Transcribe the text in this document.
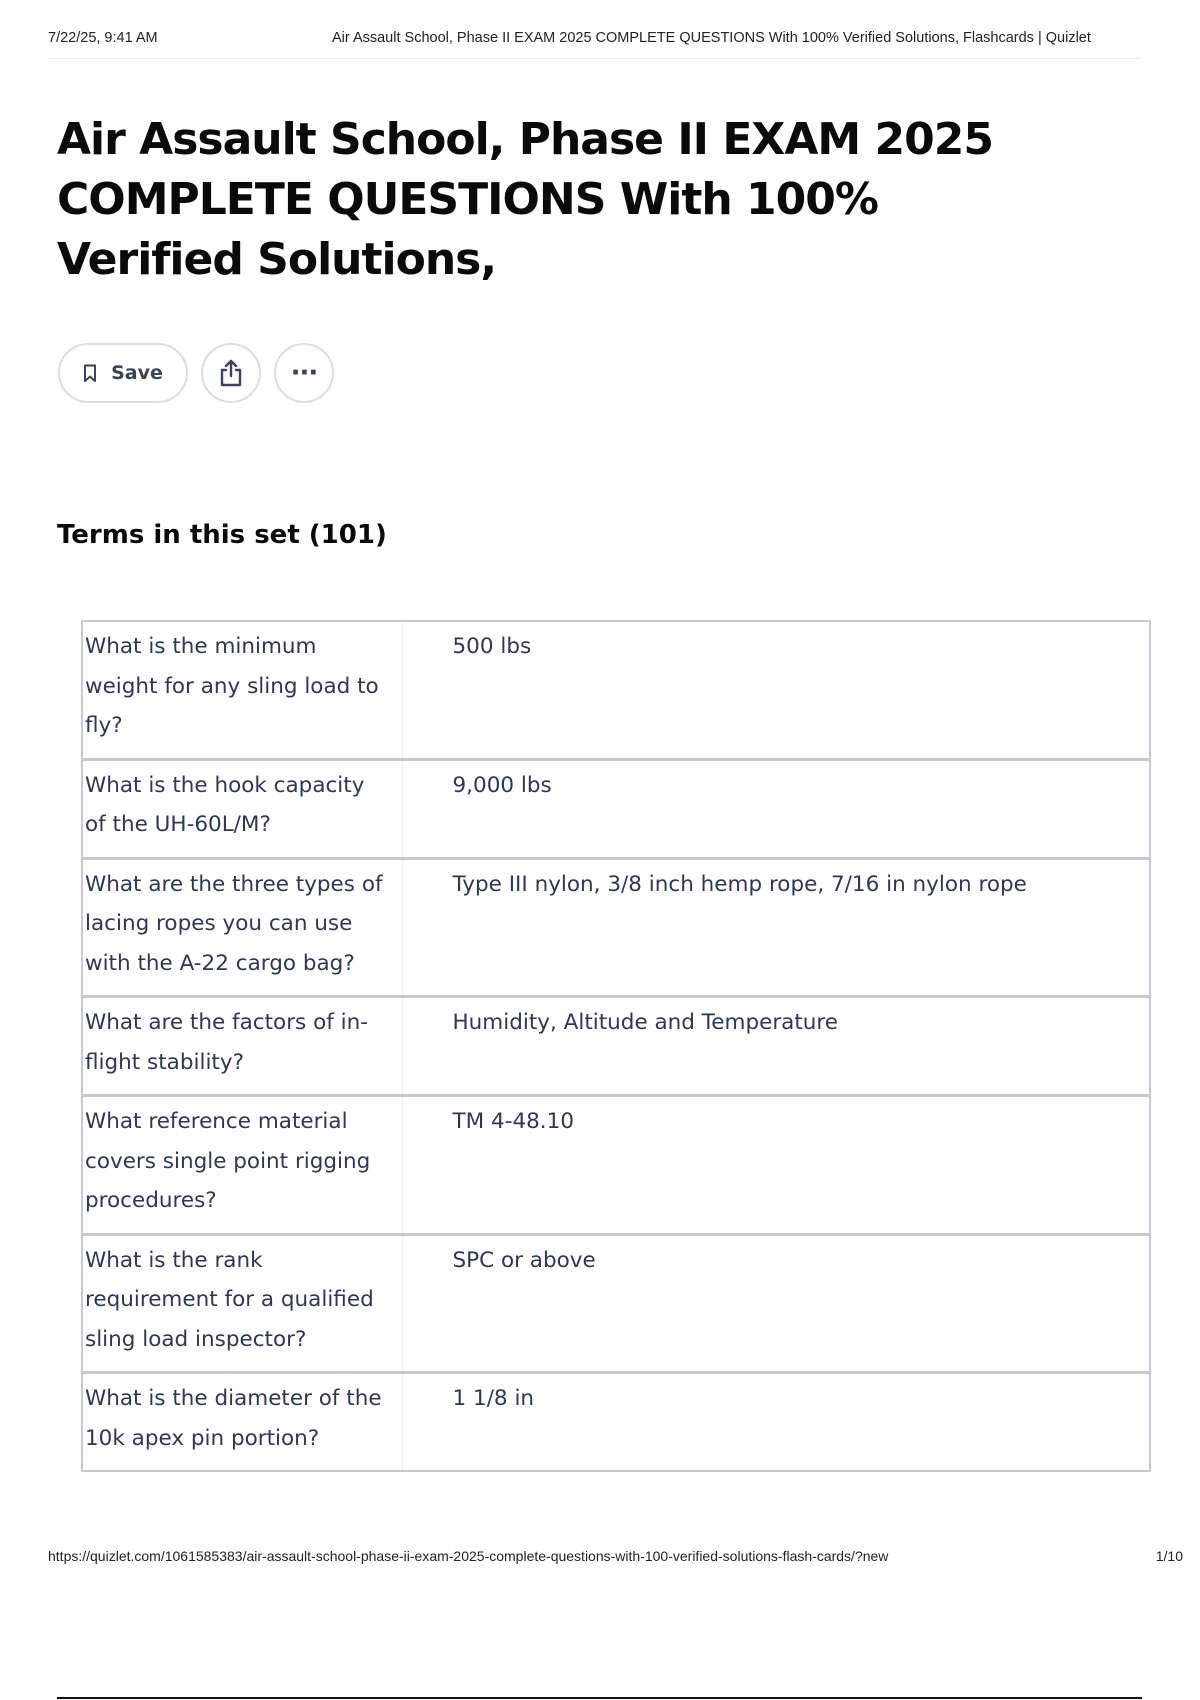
7/22/25, 9:41 AM	Air Assault School, Phase II EXAM 2025 COMPLETE QUESTIONS With 100% Verified Solutions, Flashcards | Quizlet
Air Assault School, Phase II EXAM 2025 COMPLETE QUESTIONS With 100% Verified Solutions,
Save	···
Terms in this set (101)
What is the minimum weight for any sling load to fly?	500 lbs
What is the hook capacity of the UH-60L/M?	9,000 lbs
What are the three types of lacing ropes you can use with the A-22 cargo bag?	Type III nylon, 3/8 inch hemp rope, 7/16 in nylon rope
What are the factors of in-flight stability?	Humidity, Altitude and Temperature
What reference material covers single point rigging procedures?	TM 4-48.10
What is the rank requirement for a qualified sling load inspector?	SPC or above
What is the diameter of the 10k apex pin portion?	1 1/8 in
https://quizlet.com/1061585383/air-assault-school-phase-ii-exam-2025-complete-questions-with-100-verified-solutions-flash-cards/?new	1/10
